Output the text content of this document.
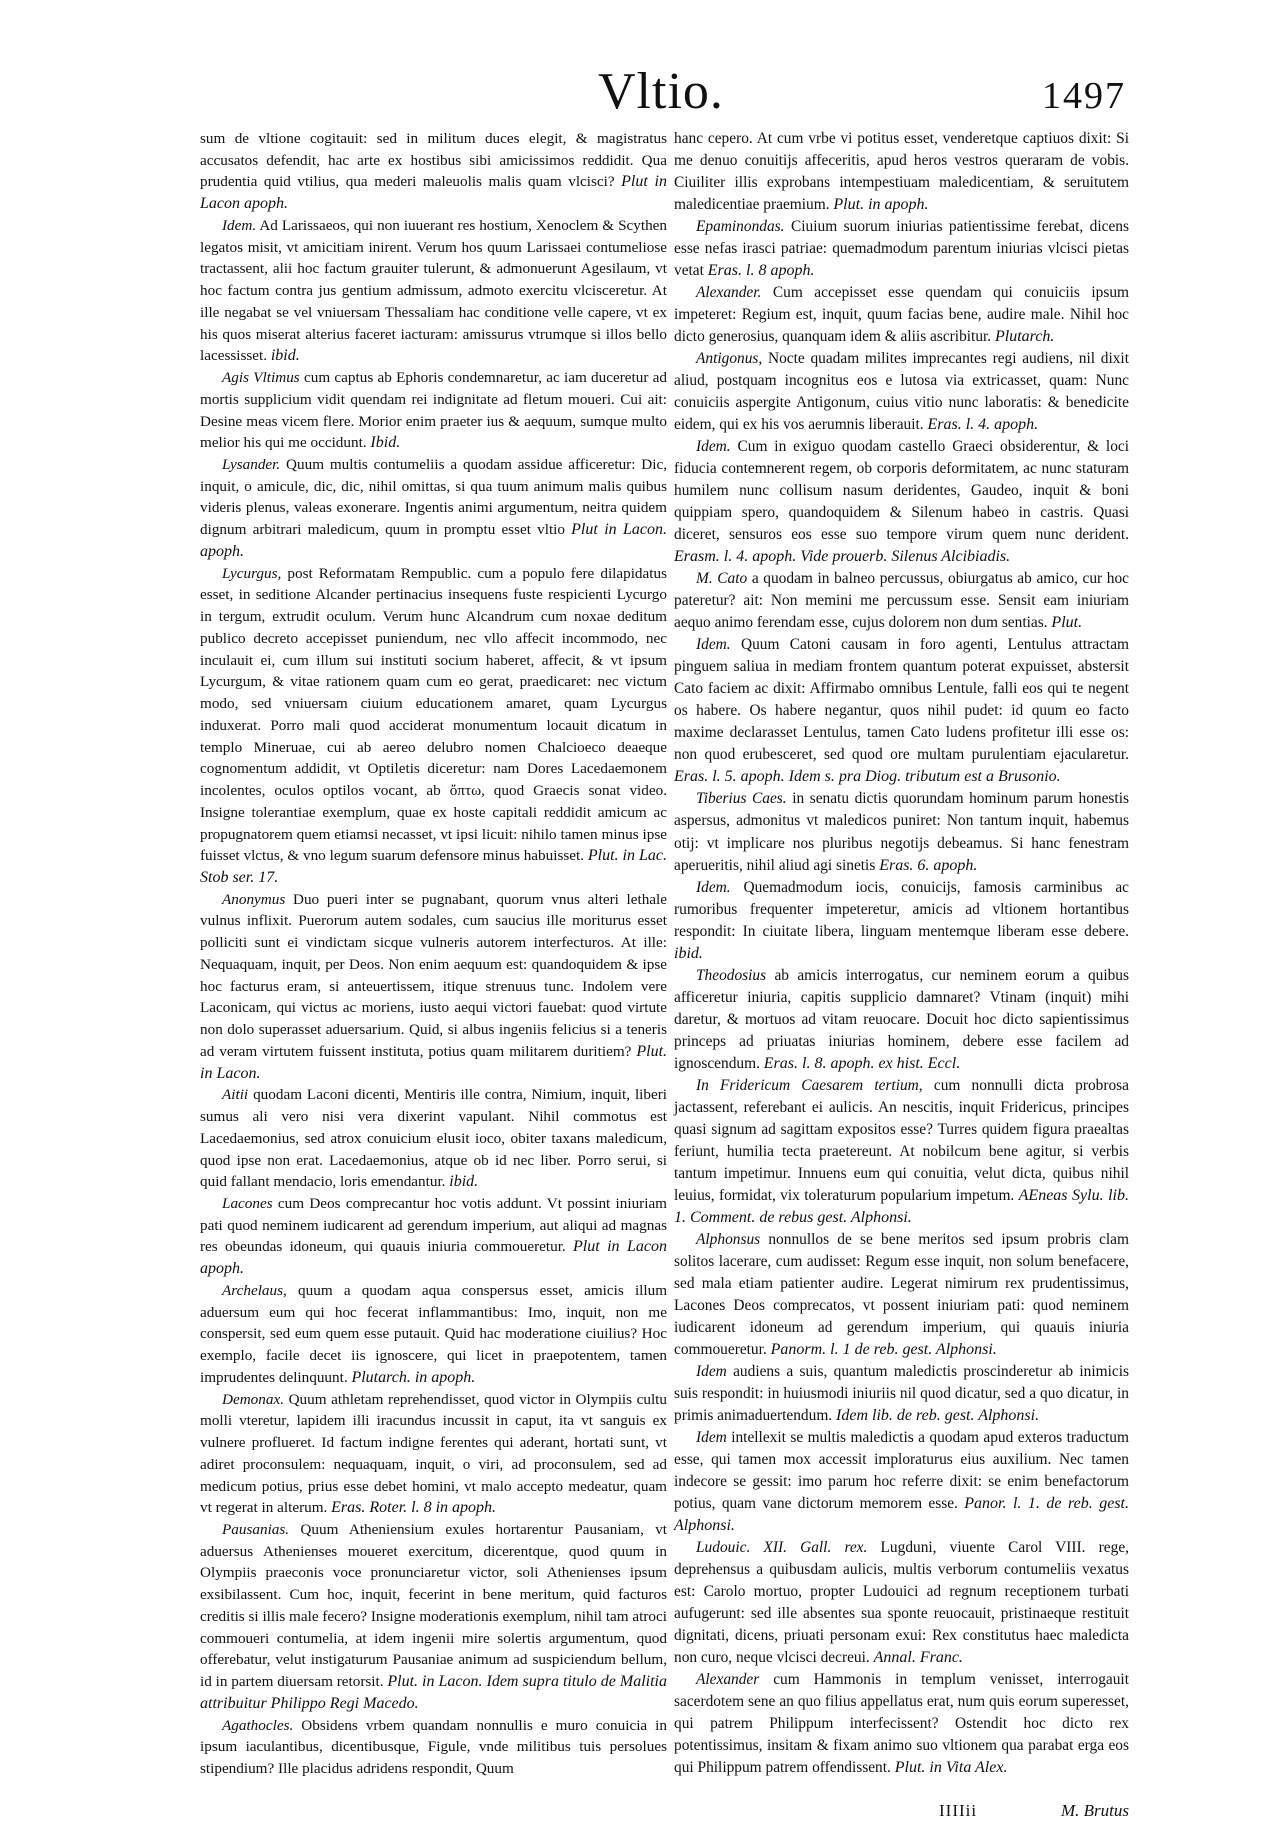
Vltio.	1497

sum de vltione cogitauit: sed in militum duces elegit, & magistratus accusatos defendit, hac arte ex hostibus sibi amicissimos reddidit. Qua prudentia quid vtilius, qua mederi maleuolis malis quam vlcisci? Plut in Lacon apoph.

Idem. Ad Larissaeos, qui non iuuerant res hostium, Xenoclem & Scythen legatos misit, vt amicitiam inirent. Verum hos quum Larissaei contumeliose tractassent, alii hoc factum grauiter tulerunt, & admonuerunt Agesilaum, vt hoc factum contra jus gentium admissum, admoto exercitu vlcisceretur. At ille negabat se vel vniuersam Thessaliam hac conditione velle capere, vt ex his quos miserat alterius faceret iacturam: amissurus vtrumque si illos bello lacessisset. ibid.

Agis Vltimus cum captus ab Ephoris condemnaretur, ac iam duceretur ad mortis supplicium vidit quendam rei indignitate ad fletum moueri. Cui ait: Desine meas vicem flere. Morior enim praeter ius & aequum, sumque multo melior his qui me occidunt. Ibid.

Lysander. Quum multis contumeliis a quodam assidue afficeretur: Dic, inquit, o amicule, dic, dic, nihil omittas, si qua tuum animum malis quibus videris plenus, valeas exonerare. Ingentis animi argumentum, neitra quidem dignum arbitrari maledicum, quum in promptu esset vltio Plut in Lacon. apoph.

Lycurgus, post Reformatam Rempublic. cum a populo fere dilapidatus esset, in seditione Alcander pertinacius insequens fuste respicienti Lycurgo in tergum, extrudit oculum. Verum hunc Alcandrum cum noxae deditum publico decreto accepisset puniendum, nec vllo affecit incommodo, nec inculauit ei, cum illum sui instituti socium haberet, affecit, & vt ipsum Lycurgum, & vitae rationem quam cum eo gerat, praedicaret: nec victum modo, sed vniuersam ciuium educationem amaret, quam Lycurgus induxerat. Porro mali quod acciderat monumentum locauit dicatum in templo Mineruae, cui ab aereo delubro nomen Chalcioeco deaeque cognomentum addidit, vt Optiletis diceretur: nam Dores Lacedaemonem incolentes, oculos optilos vocant, ab ὄπτω, quod Graecis sonat video. Insigne tolerantiae exemplum, quae ex hoste capitali reddidit amicum ac propugnatorem quem etiamsi necasset, vt ipsi licuit: nihilo tamen minus ipse fuisset vlctus, & vno legum suarum defensore minus habuisset. Plut. in Lac. Stob ser. 17.

Anonymus Duo pueri inter se pugnabant, quorum vnus alteri lethale vulnus inflixit. Puerorum autem sodales, cum saucius ille moriturus esset polliciti sunt ei vindictam sicque vulneris autorem interfecturos. At ille: Nequaquam, inquit, per Deos. Non enim aequum est: quandoquidem & ipse hoc facturus eram, si anteuertissem, itique strenuus tunc. Indolem vere Laconicam, qui victus ac moriens, iusto aequi victori fauebat: quod virtute non dolo superasset aduersarium. Quid, si albus ingeniis felicius si a teneris ad veram virtutem fuissent instituta, potius quam militarem duritiem? Plut. in Lacon.

Aitii quodam Laconi dicenti, Mentiris ille contra, Nimium, inquit, liberi sumus ali vero nisi vera dixerint vapulant. Nihil commotus est Lacedaemonius, sed atrox conuicium elusit ioco, obiter taxans maledicum, quod ipse non erat. Lacedaemonius, atque ob id nec liber. Porro serui, si quid fallant mendacio, loris emendantur. ibid.

Lacones cum Deos comprecantur hoc votis addunt. Vt possint iniuriam pati quod neminem iudicarent ad gerendum imperium, aut aliqui ad magnas res obeundas idoneum, qui quauis iniuria commoueretur. Plut in Lacon apoph.

Archelaus, quum a quodam aqua conspersus esset, amicis illum aduersum eum qui hoc fecerat inflammantibus: Imo, inquit, non me conspersit, sed eum quem esse putauit. Quid hac moderatione ciuilius? Hoc exemplo, facile decet iis ignoscere, qui licet in praepotentem, tamen imprudentes delinquunt. Plutarch. in apoph.

Demonax. Quum athletam reprehendisset, quod victor in Olympiis cultu molli vteretur, lapidem illi iracundus incussit in caput, ita vt sanguis ex vulnere proflueret. Id factum indigne ferentes qui aderant, hortati sunt, vt adiret proconsulem: nequaquam, inquit, o viri, ad proconsulem, sed ad medicum potius, prius esse debet homini, vt malo accepto medeatur, quam vt regerat in alterum. Eras. Roter. l. 8 in apoph.

Pausanias. Quum Atheniensium exules hortarentur Pausaniam, vt aduersus Athenienses moueret exercitum, dicerentque, quod quum in Olympiis praeconis voce pronunciaretur victor, soli Athenienses ipsum exsibilassent. Cum hoc, inquit, fecerint in bene meritum, quid facturos creditis si illis male fecero? Insigne moderationis exemplum, nihil tam atroci commoueri contumelia, at idem ingenii mire solertis argumentum, quod offerebatur, velut instigaturum Pausaniae animum ad suspiciendum bellum, id in partem diuersam retorsit. Plut. in Lacon. Idem supra titulo de Malitia attribuitur Philippo Regi Macedo.

Agathocles. Obsidens vrbem quandam nonnullis e muro conuicia in ipsum iaculantibus, dicentibusque, Figule, vnde militibus tuis persolues stipendium? Ille placidus adridens respondit, Quum

hanc cepero. At cum vrbe vi potitus esset, venderetque captiuos dixit: Si me denuo conuitijs affeceritis, apud heros vestros queraram de vobis. Ciuiliter illis exprobans intempestiuam maledicentiam, & seruitutem maledicentiae praemium. Plut. in apoph.

Epaminondas. Ciuium suorum iniurias patientissime ferebat, dicens esse nefas irasci patriae: quemadmodum parentum iniurias vlcisci pietas vetat Eras. l. 8 apoph.

Alexander. Cum accepisset esse quendam qui conuiciis ipsum impeteret: Regium est, inquit, quum facias bene, audire male. Nihil hoc dicto generosius, quanquam idem & aliis ascribitur. Plutarch.

Antigonus, Nocte quadam milites imprecantes regi audiens, nil dixit aliud, postquam incognitus eos e lutosa via extricasset, quam: Nunc conuiciis aspergite Antigonum, cuius vitio nunc laboratis: & benedicite eidem, qui ex his vos aerumnis liberauit. Eras. l. 4. apoph.

Idem. Cum in exiguo quodam castello Graeci obsiderentur, & loci fiducia contemnerent regem, ob corporis deformitatem, ac nunc staturam humilem nunc collisum nasum deridentes, Gaudeo, inquit & boni quippiam spero, quandoquidem & Silenum habeo in castris. Quasi diceret, sensuros eos esse suo tempore virum quem nunc derident. Erasm. l. 4. apoph. Vide prouerb. Silenus Alcibiadis.

M. Cato a quodam in balneo percussus, obiurgatus ab amico, cur hoc pateretur? ait: Non memini me percussum esse. Sensit eam iniuriam aequo animo ferendam esse, cujus dolorem non dum sentias. Plut.

Idem. Quum Catoni causam in foro agenti, Lentulus attractam pinguem saliua in mediam frontem quantum poterat expuisset, abstersit Cato faciem ac dixit: Affirmabo omnibus Lentule, falli eos qui te negent os habere. Os habere negantur, quos nihil pudet: id quum eo facto maxime declarasset Lentulus, tamen Cato ludens profitetur illi esse os: non quod erubesceret, sed quod ore multam purulentiam ejacularetur. Eras. l. 5. apoph. Idem s. pra Diog. tributum est a Brusonio.

Tiberius Caes. in senatu dictis quorundam hominum parum honestis aspersus, admonitus vt maledicos puniret: Non tantum inquit, habemus otij: vt implicare nos pluribus negotijs debeamus. Si hanc fenestram aperueritis, nihil aliud agi sinetis Eras. 6. apoph.

Idem. Quemadmodum iocis, conuicijs, famosis carminibus ac rumoribus frequenter impeteretur, amicis ad vltionem hortantibus respondit: In ciuitate libera, linguam mentemque liberam esse debere. ibid.

Theodosius ab amicis interrogatus, cur neminem eorum a quibus afficeretur iniuria, capitis supplicio damnaret? Vtinam (inquit) mihi daretur, & mortuos ad vitam reuocare. Docuit hoc dicto sapientissimus princeps ad priuatas iniurias hominem, debere esse facilem ad ignoscendum. Eras. l. 8. apoph. ex hist. Eccl.

In Fridericum Caesarem tertium, cum nonnulli dicta probrosa jactassent, referebant ei aulicis. An nescitis, inquit Fridericus, principes quasi signum ad sagittam expositos esse? Turres quidem figura praealtas feriunt, humilia tecta praetereunt. At nobilcum bene agitur, si verbis tantum impetimur. Innuens eum qui conuitia, velut dicta, quibus nihil leuius, formidat, vix toleraturum popularium impetum. AEneas Sylu. lib. 1. Comment. de rebus gest. Alphonsi.

Alphonsus nonnullos de se bene meritos sed ipsum probris clam solitos lacerare, cum audisset: Regum esse inquit, non solum benefacere, sed mala etiam patienter audire. Legerat nimirum rex prudentissimus, Lacones Deos comprecatos, vt possent iniuriam pati: quod neminem iudicarent idoneum ad gerendum imperium, qui quauis iniuria commoueretur. Panorm. l. 1 de reb. gest. Alphonsi.

Idem audiens a suis, quantum maledictis proscinderetur ab inimicis suis respondit: in huiusmodi iniuriis nil quod dicatur, sed a quo dicatur, in primis animaduertendum. Idem lib. de reb. gest. Alphonsi.

Idem intellexit se multis maledictis a quodam apud exteros traductum esse, qui tamen mox accessit imploraturus eius auxilium. Nec tamen indecore se gessit: imo parum hoc referre dixit: se enim benefactorum potius, quam vane dictorum memorem esse. Panor. l. 1. de reb. gest. Alphonsi.

Ludouic. XII. Gall. rex. Lugduni, viuente Carol VIII. rege, deprehensus a quibusdam aulicis, multis verborum contumeliis vexatus est: Carolo mortuo, propter Ludouici ad regnum receptionem turbati aufugerunt: sed ille absentes sua sponte reuocauit, pristinaeque restituit dignitati, dicens, priuati personam exui: Rex constitutus haec maledicta non curo, neque vlcisci decreui. Annal. Franc.

Alexander cum Hammonis in templum venisset, interrogauit sacerdotem sene an quo filius appellatus erat, num quis eorum superesset, qui patrem Philippum interfecissent? Ostendit hoc dicto rex potentissimus, insitam & fixam animo suo vltionem qua parabat erga eos qui Philippum patrem offendissent. Plut. in Vita Alex.

IIIIii	M. Brutus
